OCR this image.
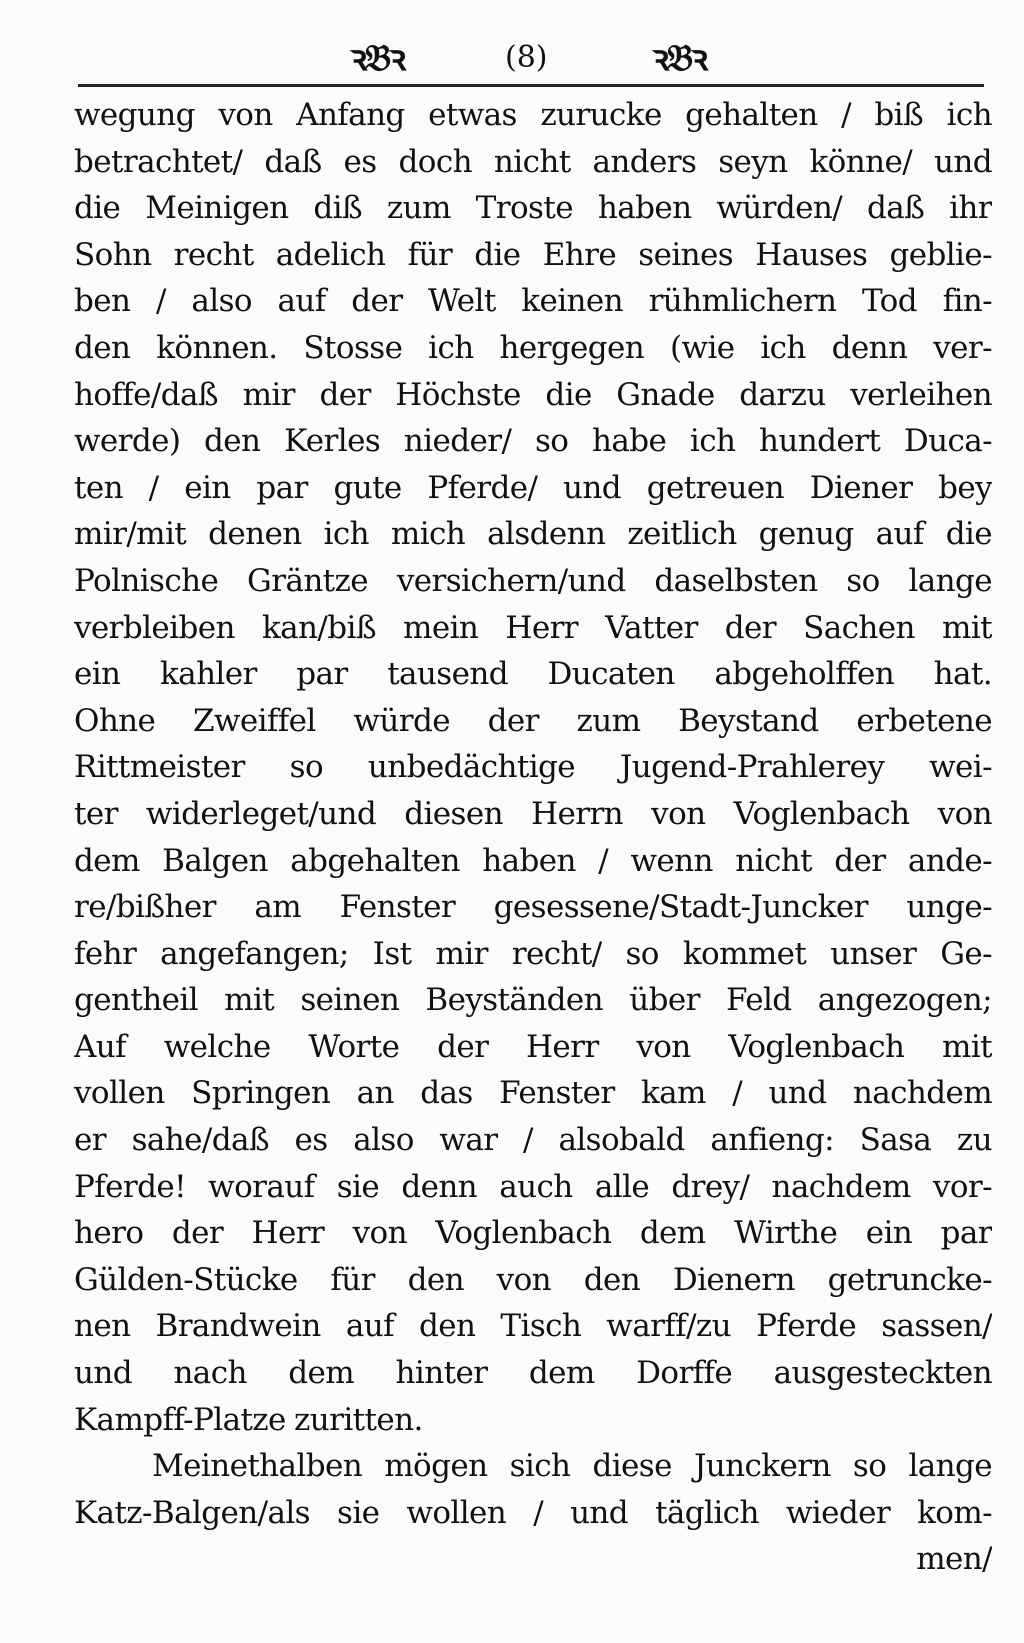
ꝛ𝔅ꝛ	(8)	ꝛ𝔅ꝛ
wegung von Anfang etwas zurucke gehalten / biß ich
betrachtet/ daß es doch nicht anders seyn könne/ und
die Meinigen diß zum Troste haben würden/ daß ihr
Sohn recht adelich für die Ehre seines Hauses geblie-
ben / also auf der Welt keinen rühmlichern Tod fin-
den können. Stosse ich hergegen (wie ich denn ver-
hoffe/daß mir der Höchste die Gnade darzu verleihen
werde) den Kerles nieder/ so habe ich hundert Duca-
ten / ein par gute Pferde/ und getreuen Diener bey
mir/mit denen ich mich alsdenn zeitlich genug auf die
Polnische Gräntze versichern/und daselbsten so lange
verbleiben kan/biß mein Herr Vatter der Sachen mit
ein kahler par tausend Ducaten abgeholffen hat.
Ohne Zweiffel würde der zum Beystand erbetene
Rittmeister so unbedächtige Jugend-Prahlerey wei-
ter widerleget/und diesen Herrn von Voglenbach von
dem Balgen abgehalten haben / wenn nicht der ande-
re/bißher am Fenster gesessene/Stadt-Juncker unge-
fehr angefangen; Ist mir recht/ so kommet unser Ge-
gentheil mit seinen Beyständen über Feld angezogen;
Auf welche Worte der Herr von Voglenbach mit
vollen Springen an das Fenster kam / und nachdem
er sahe/daß es also war / alsobald anfieng: Sasa zu
Pferde! worauf sie denn auch alle drey/ nachdem vor-
hero der Herr von Voglenbach dem Wirthe ein par
Gülden-Stücke für den von den Dienern getruncke-
nen Brandwein auf den Tisch warff/zu Pferde sassen/
und nach dem hinter dem Dorffe ausgesteckten
Kampff-Platze zuritten.
Meinethalben mögen sich diese Junckern so lange
Katz-Balgen/als sie wollen / und täglich wieder kom-
men/
